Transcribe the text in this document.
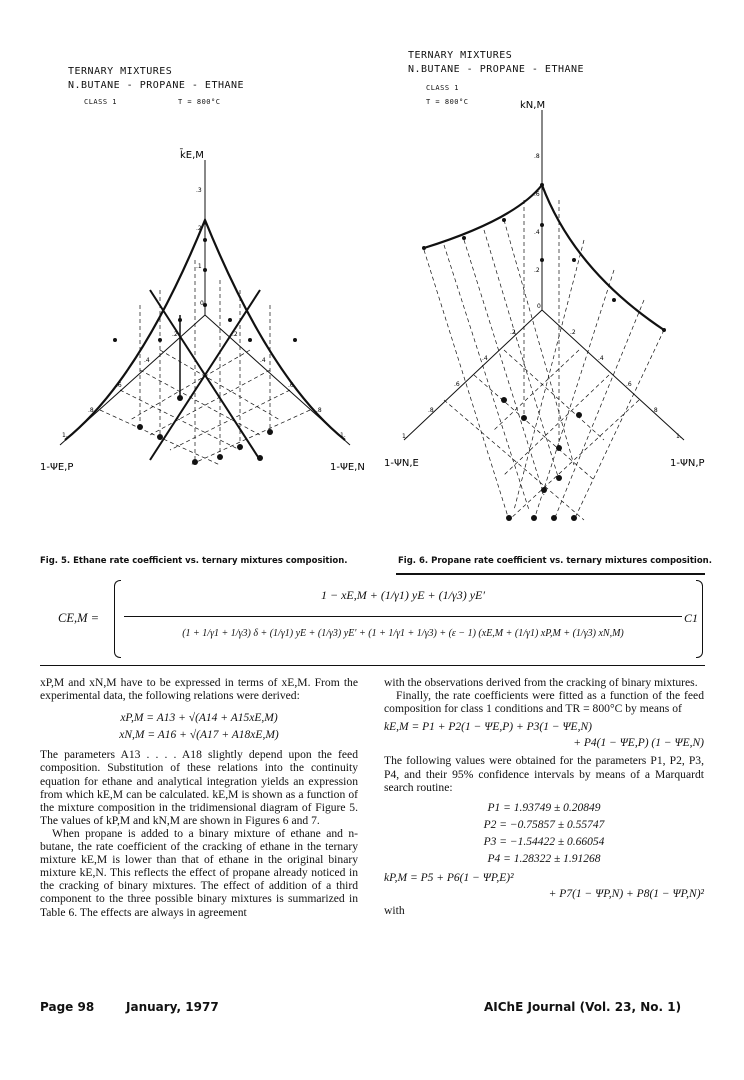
TERNARY MIXTURES
N.BUTANE - PROPANE - ETHANE
CLASS 1	T = 800°C
TERNARY MIXTURES
N.BUTANE - PROPANE - ETHANE
CLASS 1
T = 800°C
k̄E,M
1-ΨE,P	1-ΨE,N
.3
.2
.1
0
.2
.4
.6
.8
1.
.2
.4
.6
.8
1.
k̄N,M
1-ΨN,E	1-ΨN,P
.8
.6
.4
.2
0
.2
.4
.6
.8
1.
.2
.4
.6
.8
1.
Fig. 5. Ethane rate coefficient vs. ternary mixtures composition.	Fig. 6. Propane rate coefficient vs. ternary mixtures composition.
CE,M =
1 − xE,M + (1/γ1) yE + (1/γ3) yE′
(1 + 1/γ1 + 1/γ3) δ + (1/γ1) yE + (1/γ3) yE′ + (1 + 1/γ1 + 1/γ3) + (ε − 1) (xE,M + (1/γ1) xP,M + (1/γ3) xN,M)
C1

xP,M and xN,M have to be expressed in terms of xE,M. From the experimental data, the following relations were derived:

xP,M = A13 + √(A14 + A15xE,M)
xN,M = A16 + √(A17 + A18xE,M)

The parameters A13 . . . . A18 slightly depend upon the feed composition. Substitution of these relations into the continuity equation for ethane and analytical integration yields an expression from which kE,M can be calculated. kE,M is shown as a function of the mixture composition in the tridimensional diagram of Figure 5. The values of kP,M and kN,M are shown in Figures 6 and 7.

When propane is added to a binary mixture of ethane and n-butane, the rate coefficient of the cracking of ethane in the ternary mixture kE,M is lower than that of ethane in the original binary mixture kE,N. This reflects the effect of propane already noticed in the cracking of binary mixtures. The effect of addition of a third component to the three possible binary mixtures is summarized in Table 6. The effects are always in agreement

with the observations derived from the cracking of binary mixtures.

Finally, the rate coefficients were fitted as a function of the feed composition for class 1 conditions and TR = 800°C by means of

kE,M = P1 + P2(1 − ΨE,P) + P3(1 − ΨE,N)
+ P4(1 − ΨE,P) (1 − ΨE,N)

The following values were obtained for the parameters P1, P2, P3, P4, and their 95% confidence intervals by means of a Marquardt search routine:

P1 = 1.93749 ± 0.20849
P2 = −0.75857 ± 0.55747
P3 = −1.54422 ± 0.66054
P4 = 1.28322 ± 1.91268
kP,M = P5 + P6(1 − ΨP,E)²
+ P7(1 − ΨP,N) + P8(1 − ΨP,N)²

with

Page 98	January, 1977	AIChE Journal (Vol. 23, No. 1)
